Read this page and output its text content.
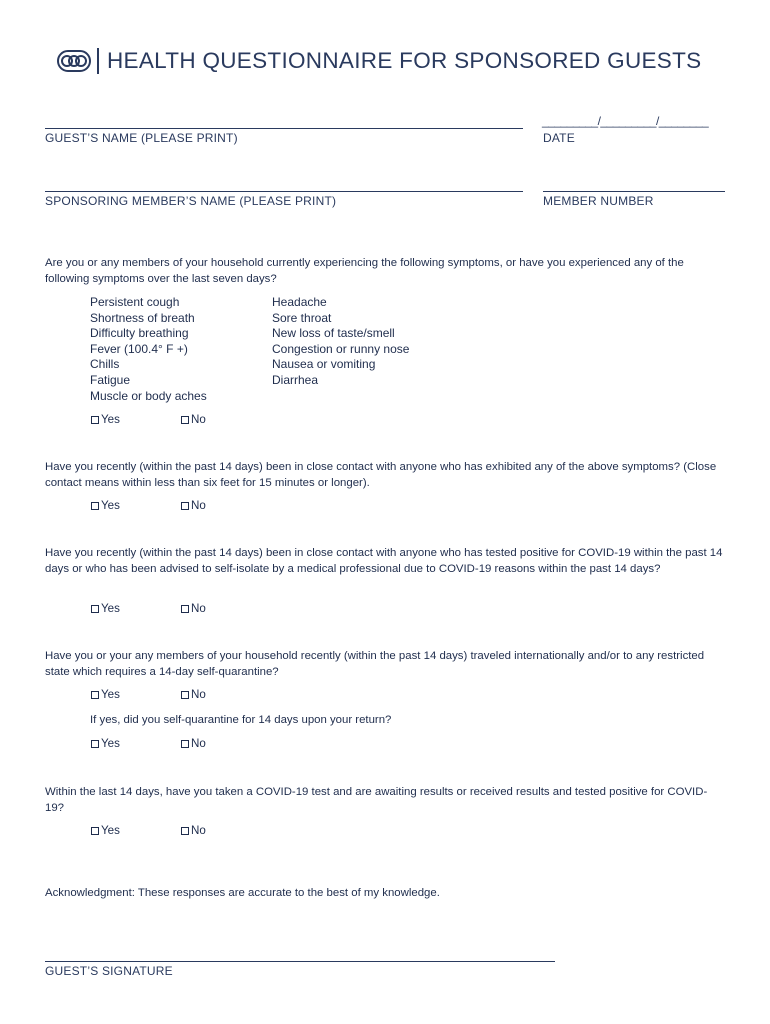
HEALTH QUESTIONNAIRE FOR SPONSORED GUESTS
GUEST’S NAME (PLEASE PRINT)
_________/_________/________
DATE
SPONSORING MEMBER’S NAME (PLEASE PRINT)	MEMBER NUMBER
Are you or any members of your household currently experiencing the following symptoms, or have you experienced any of the following symptoms over the last seven days?
Persistent cough
Shortness of breath
Difficulty breathing
Fever (100.4° F +)
Chills
Fatigue
Muscle or body aches
Headache
Sore throat
New loss of taste/smell
Congestion or runny nose
Nausea or vomiting
Diarrhea
Yes	No
Have you recently (within the past 14 days) been in close contact with anyone who has exhibited any of the above symptoms? (Close contact means within less than six feet for 15 minutes or longer).
Yes	No
Have you recently (within the past 14 days) been in close contact with anyone who has tested positive for COVID-19 within the past 14 days or who has been advised to self-isolate by a medical professional due to COVID-19 reasons within the past 14 days?
Yes	No
Have you or your any members of your household recently (within the past 14 days) traveled internationally and/or to any restricted state which requires a 14-day self-quarantine?
Yes	No
If yes, did you self-quarantine for 14 days upon your return?
Yes	No
Within the last 14 days, have you taken a COVID-19 test and are awaiting results or received results and tested positive for COVID-19?
Yes	No
Acknowledgment: These responses are accurate to the best of my knowledge.
GUEST’S SIGNATURE
